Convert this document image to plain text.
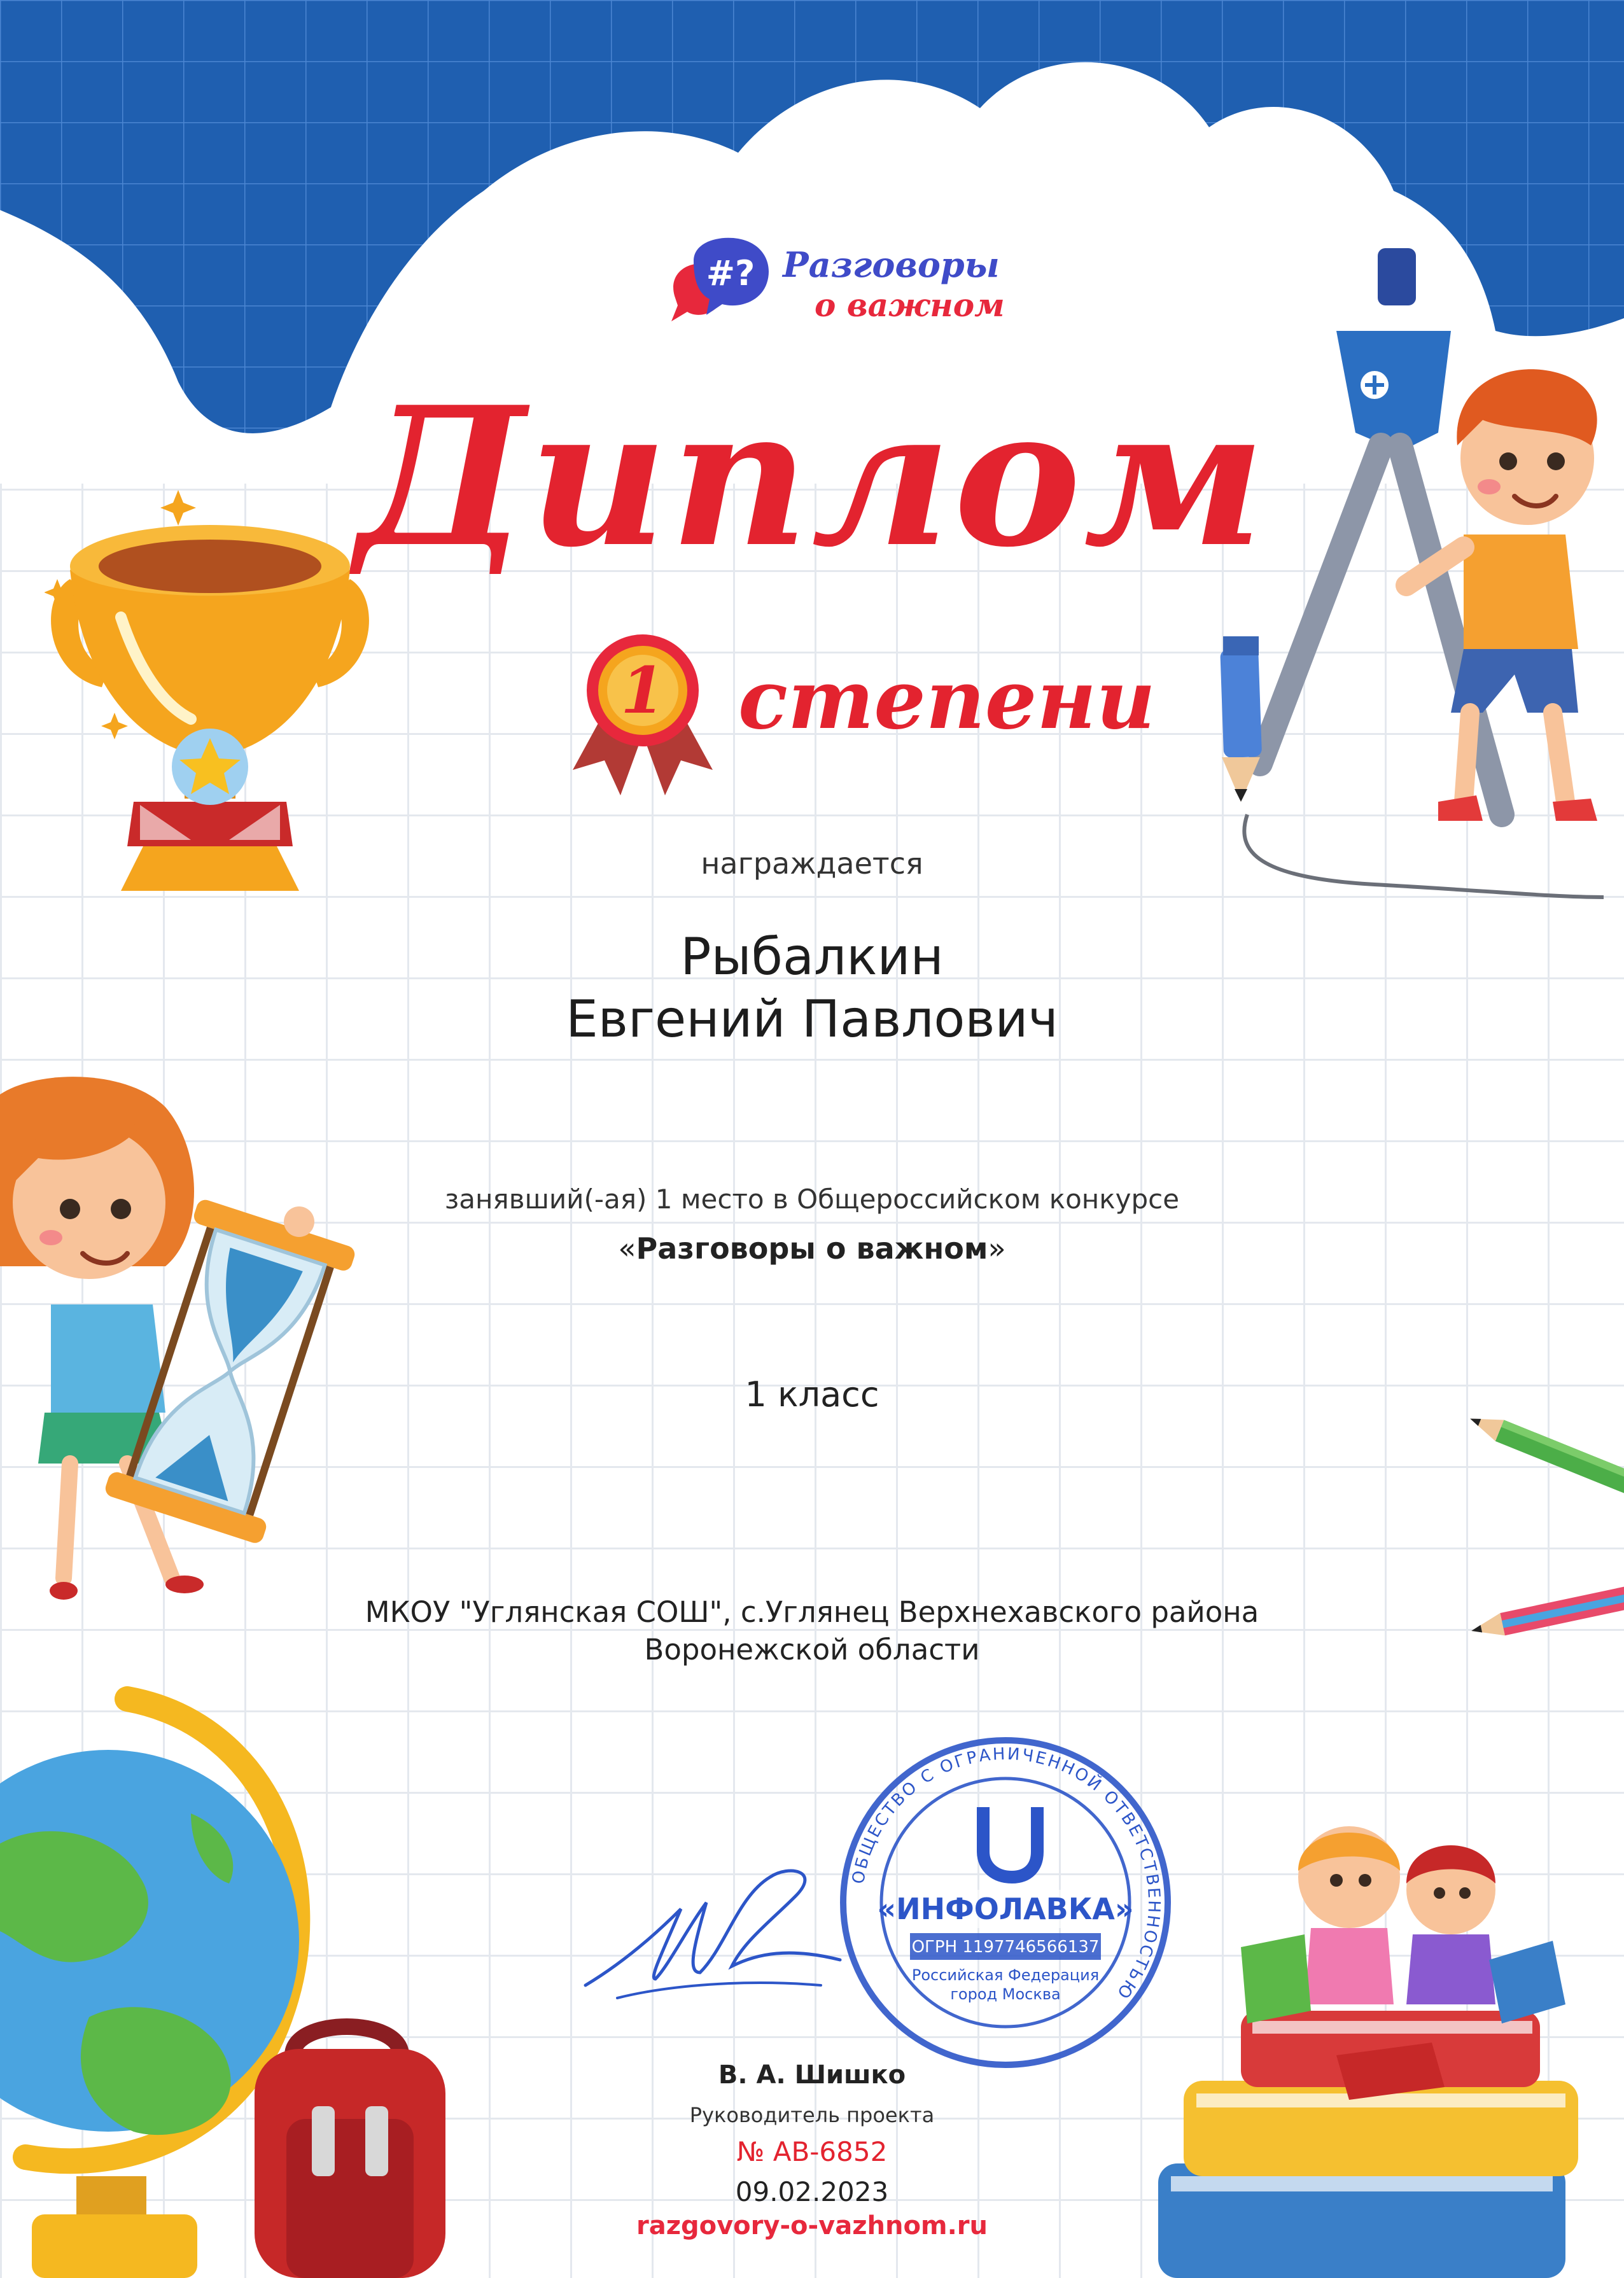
#? Разговоры
о важном
Диплом
1 степени
награждается
Рыбалкин
Евгений Павлович
занявший(-ая) 1 место в Общероссийском конкурсе
«Разговоры о важном»
1 класс
МКОУ "Углянская СОШ", с.Углянец Верхнехавского района
Воронежской области
ОБЩЕСТВО С ОГРАНИЧЕННОЙ ОТВЕТСТВЕННОСТЬЮ
«ИНФОЛАВКА»
ОГРН 1197746566137
Российская Федерация
город Москва
В. А. Шишко
Руководитель проекта
№ АВ-6852
09.02.2023
razgovory-o-vazhnom.ru
